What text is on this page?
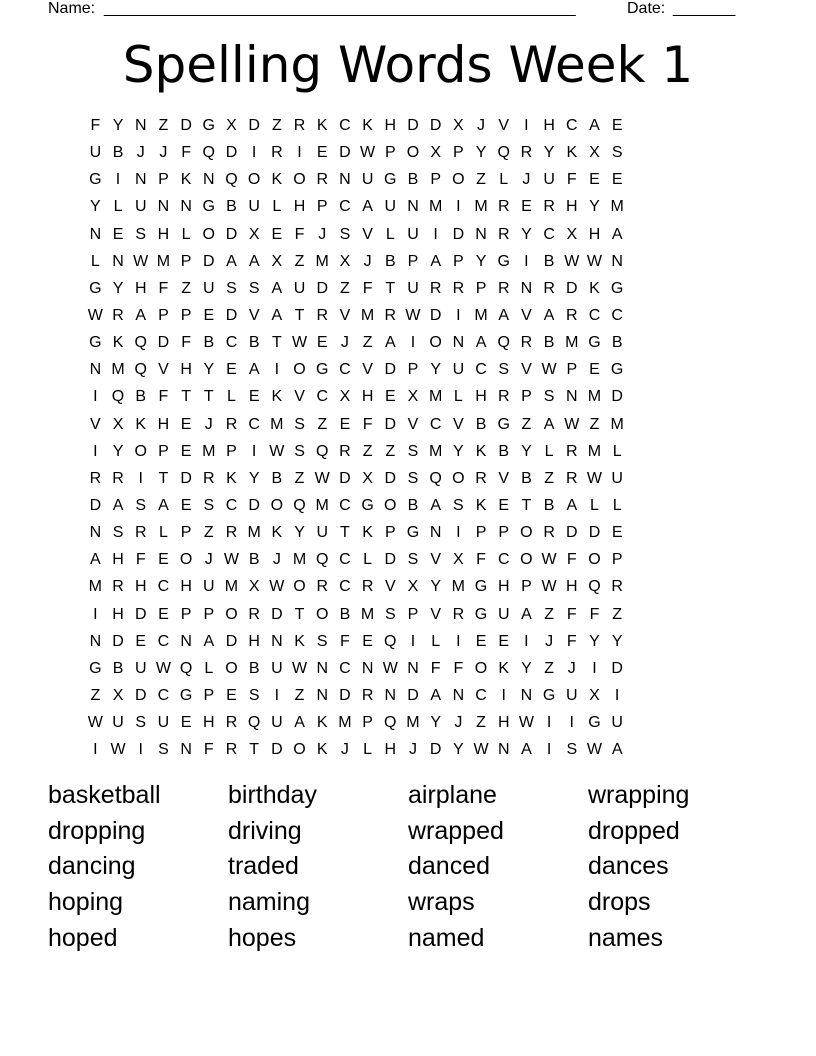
Name: _____________________________________________________	Date: _______
Spelling Words Week 1
F Y N Z D G X D Z R K C K H D D X J V I H C A E
U B J J F Q D I R I E D W P O X P Y Q R Y K X S
G I N P K N Q O K O R N U G B P O Z L J U F E E
Y L U N N G B U L H P C A U N M I M R E R H Y M
N E S H L O D X E F J S V L U I D N R Y C X H A
L N W M P D A A X Z M X J B P A P Y G I B W W N
G Y H F Z U S S A U D Z F T U R R P R N R D K G
W R A P P E D V A T R V M R W D I M A V A R C C
G K Q D F B C B T W E J Z A I O N A Q R B M G B
N M Q V H Y E A I O G C V D P Y U C S V W P E G
I Q B F T T L E K V C X H E X M L H R P S N M D
V X K H E J R C M S Z E F D V C V B G Z A W Z M
I Y O P E M P I W S Q R Z Z S M Y K B Y L R M L
R R I T D R K Y B Z W D X D S Q O R V B Z R W U
D A S A E S C D O Q M C G O B A S K E T B A L L
N S R L P Z R M K Y U T K P G N I P P O R D D E
A H F E O J W B J M Q C L D S V X F C O W F O P
M R H C H U M X W O R C R V X Y M G H P W H Q R
I H D E P P O R D T O B M S P V R G U A Z F F Z
N D E C N A D H N K S F E Q I L I E E I J F Y Y
G B U W Q L O B U W N C N W N F F O K Y Z J I D
Z X D C G P E S I Z N D R N D A N C I N G U X I
W U S U E H R Q U A K M P Q M Y J Z H W I I G U
I W I S N F R T D O K J L H J D Y W N A I S W A
basketball	birthday	airplane	wrapping
dropping	driving	wrapped	dropped
dancing	traded	danced	dances
hoping	naming	wraps	drops
hoped	hopes	named	names
